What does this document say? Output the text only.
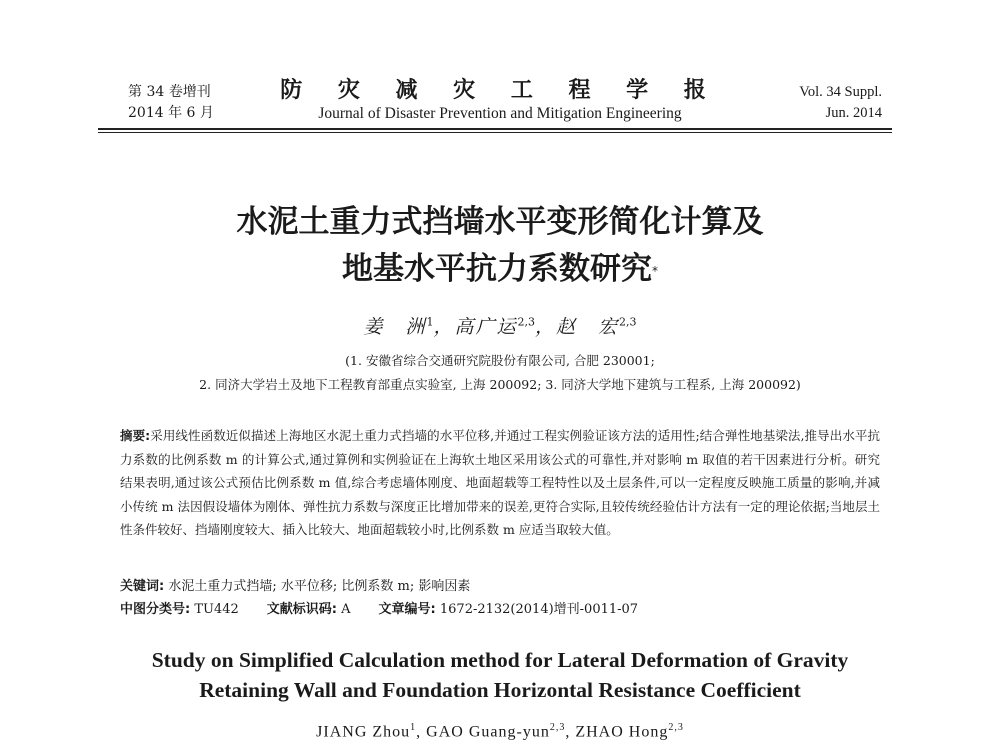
第 34 卷增刊
2014 年 6 月
防 灾 减 灾 工 程 学 报
Journal of Disaster Prevention and Mitigation Engineering
Vol. 34 Suppl.
Jun. 2014
水泥土重力式挡墙水平变形简化计算及
地基水平抗力系数研究*
姜　洲$^1$，高广运$^{2,3}$，赵　宏$^{2,3}$
(1. 安徽省综合交通研究院股份有限公司, 合肥 230001;
2. 同济大学岩土及地下工程教育部重点实验室, 上海 200092; 3. 同济大学地下建筑与工程系, 上海 200092)
摘要:采用线性函数近似描述上海地区水泥土重力式挡墙的水平位移,并通过工程实例验证该方法的适用性;结合弹性地基梁法,推导出水平抗力系数的比例系数 m 的计算公式,通过算例和实例验证在上海软土地区采用该公式的可靠性,并对影响 m 取值的若干因素进行分析。研究结果表明,通过该公式预估比例系数 m 值,综合考虑墙体刚度、地面超载等工程特性以及土层条件,可以一定程度反映施工质量的影响,并减小传统 m 法因假设墙体为刚体、弹性抗力系数与深度正比增加带来的误差,更符合实际,且较传统经验估计方法有一定的理论依据;当地层土性条件较好、挡墙刚度较大、插入比较大、地面超载较小时,比例系数 m 应适当取较大值。
关键词: 水泥土重力式挡墙; 水平位移; 比例系数 m; 影响因素
中图分类号: TU442 文献标识码: A 文章编号: 1672-2132(2014)增刊-0011-07
Study on Simplified Calculation method for Lateral Deformation of Gravity
Retaining Wall and Foundation Horizontal Resistance Coefficient
JIANG Zhou$^1$, GAO Guang-yun$^{2,3}$, ZHAO Hong$^{2,3}$
